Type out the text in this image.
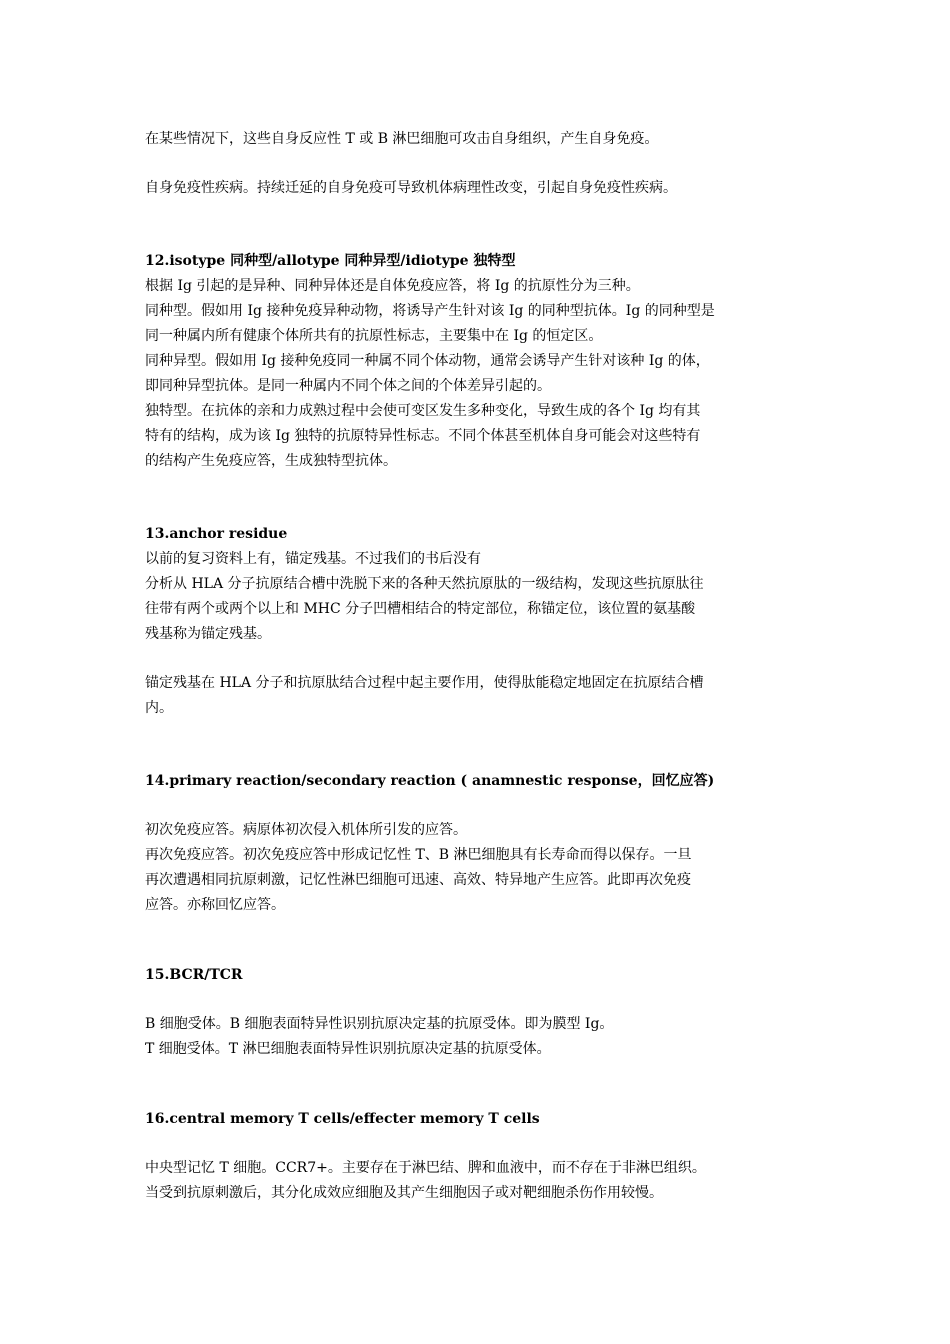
在某些情况下，这些自身反应性 T 或 B 淋巴细胞可攻击自身组织，产生自身免疫。

自身免疫性疾病。持续迁延的自身免疫可导致机体病理性改变，引起自身免疫性疾病。

12.isotype 同种型/allotype 同种异型/idiotype 独特型

根据 Ig 引起的是异种、同种异体还是自体免疫应答，将 Ig 的抗原性分为三种。

同种型。假如用 Ig 接种免疫异种动物，将诱导产生针对该 Ig 的同种型抗体。Ig 的同种型是

同一种属内所有健康个体所共有的抗原性标志，主要集中在 Ig 的恒定区。

同种异型。假如用 Ig 接种免疫同一种属不同个体动物，通常会诱导产生针对该种 Ig 的体，

即同种异型抗体。是同一种属内不同个体之间的个体差异引起的。

独特型。在抗体的亲和力成熟过程中会使可变区发生多种变化，导致生成的各个 Ig 均有其

特有的结构，成为该 Ig 独特的抗原特异性标志。不同个体甚至机体自身可能会对这些特有

的结构产生免疫应答，生成独特型抗体。

13.anchor residue

以前的复习资料上有，锚定残基。不过我们的书后没有

分析从 HLA 分子抗原结合槽中洗脱下来的各种天然抗原肽的一级结构，发现这些抗原肽往

往带有两个或两个以上和 MHC 分子凹槽相结合的特定部位，称锚定位，该位置的氨基酸

残基称为锚定残基。

锚定残基在 HLA 分子和抗原肽结合过程中起主要作用，使得肽能稳定地固定在抗原结合槽

内。

14.primary reaction/secondary reaction ( anamnestic response，回忆应答)

初次免疫应答。病原体初次侵入机体所引发的应答。

再次免疫应答。初次免疫应答中形成记忆性 T、B 淋巴细胞具有长寿命而得以保存。一旦

再次遭遇相同抗原刺激，记忆性淋巴细胞可迅速、高效、特异地产生应答。此即再次免疫

应答。亦称回忆应答。

15.BCR/TCR

B 细胞受体。B 细胞表面特异性识别抗原决定基的抗原受体。即为膜型 Ig。

T 细胞受体。T 淋巴细胞表面特异性识别抗原决定基的抗原受体。

16.central memory T cells/effecter memory T cells

中央型记忆 T 细胞。CCR7+。主要存在于淋巴结、脾和血液中，而不存在于非淋巴组织。

当受到抗原刺激后，其分化成效应细胞及其产生细胞因子或对靶细胞杀伤作用较慢。
